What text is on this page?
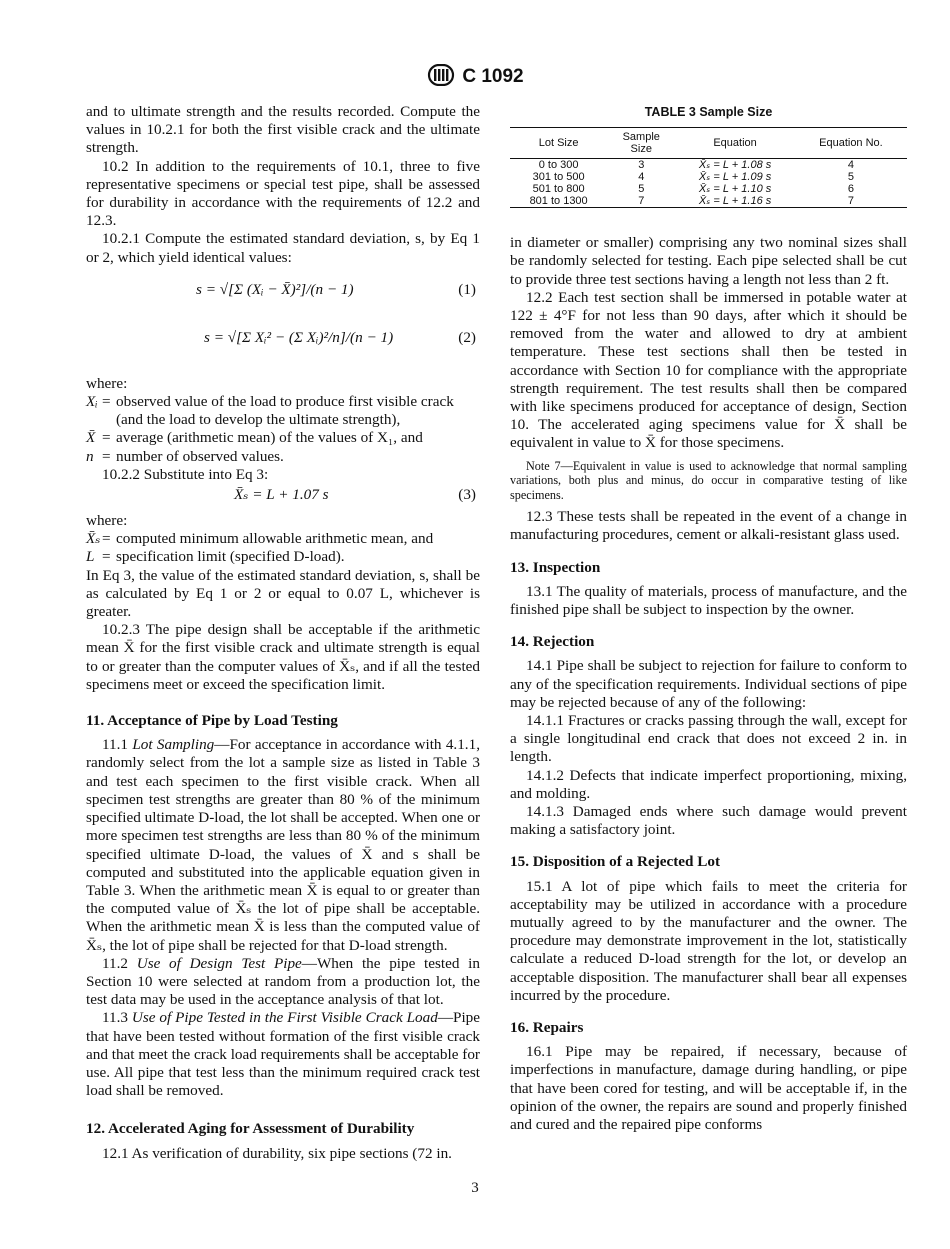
C 1092

and to ultimate strength and the results recorded. Compute the values in 10.2.1 for both the first visible crack and the ultimate strength.

10.2 In addition to the requirements of 10.1, three to five representative specimens or special test pipe, shall be assessed for durability in accordance with the requirements of 12.2 and 12.3.

10.2.1 Compute the estimated standard deviation, s, by Eq 1 or 2, which yield identical values:

s = √[Σ (Xᵢ − X̄)²]/(n − 1)	(1)
s = √[Σ Xᵢ² − (Σ Xᵢ)²/n]/(n − 1)	(2)

where:

Xᵢ = observed value of the load to produce first visible crack (and the load to develop the ultimate strength),
X̄ = average (arithmetic mean) of the values of X₁, and
n = number of observed values.

10.2.2 Substitute into Eq 3:

X̄ₛ = L + 1.07 s	(3)

where:

X̄ₛ = computed minimum allowable arithmetic mean, and
L = specification limit (specified D-load).

In Eq 3, the value of the estimated standard deviation, s, shall be as calculated by Eq 1 or 2 or equal to 0.07 L, whichever is greater.

10.2.3 The pipe design shall be acceptable if the arithmetic mean X̄ for the first visible crack and ultimate strength is equal to or greater than the computer values of X̄ₛ, and if all the tested specimens meet or exceed the specification limit.

11. Acceptance of Pipe by Load Testing

11.1 Lot Sampling—For acceptance in accordance with 4.1.1, randomly select from the lot a sample size as listed in Table 3 and test each specimen to the first visible crack. When all specimen test strengths are greater than 80 % of the minimum specified ultimate D-load, the lot shall be accepted. When one or more specimen test strengths are less than 80 % of the minimum specified ultimate D-load, the values of X̄ and s shall be computed and substituted into the applicable equation given in Table 3. When the arithmetic mean X̄ is equal to or greater than the computed value of X̄ₛ the lot of pipe shall be acceptable. When the arithmetic mean X̄ is less than the computed value of X̄ₛ, the lot of pipe shall be rejected for that D-load strength.

11.2 Use of Design Test Pipe—When the pipe tested in Section 10 were selected at random from a production lot, the test data may be used in the acceptance analysis of that lot.

11.3 Use of Pipe Tested in the First Visible Crack Load—Pipe that have been tested without formation of the first visible crack and that meet the crack load requirements shall be acceptable for use. All pipe that test less than the minimum required crack test load shall be removed.

12. Accelerated Aging for Assessment of Durability

12.1 As verification of durability, six pipe sections (72 in.

TABLE 3 Sample Size
Lot Size	Sample Size	Equation	Equation No.
0 to 300	3	X̄ₛ = L + 1.08 s	4
301 to 500	4	X̄ₛ = L + 1.09 s	5
501 to 800	5	X̄ₛ = L + 1.10 s	6
801 to 1300	7	X̄ₛ = L + 1.16 s	7

in diameter or smaller) comprising any two nominal sizes shall be randomly selected for testing. Each pipe selected shall be cut to provide three test sections having a length not less than 2 ft.

12.2 Each test section shall be immersed in potable water at 122 ± 4°F for not less than 90 days, after which it should be removed from the water and allowed to dry at ambient temperature. These test sections shall then be tested in accordance with Section 10 for compliance with the appropriate strength requirement. The test results shall then be compared with like specimens produced for acceptance of design, Section 10. The accelerated aging specimens value for X̄ shall be equivalent in value to X̄ for those specimens.

Note 7—Equivalent in value is used to acknowledge that normal sampling variations, both plus and minus, do occur in comparative testing of like specimens.

12.3 These tests shall be repeated in the event of a change in manufacturing procedures, cement or alkali-resistant glass used.

13. Inspection

13.1 The quality of materials, process of manufacture, and the finished pipe shall be subject to inspection by the owner.

14. Rejection

14.1 Pipe shall be subject to rejection for failure to conform to any of the specification requirements. Individual sections of pipe may be rejected because of any of the following:

14.1.1 Fractures or cracks passing through the wall, except for a single longitudinal end crack that does not exceed 2 in. in length.

14.1.2 Defects that indicate imperfect proportioning, mixing, and molding.

14.1.3 Damaged ends where such damage would prevent making a satisfactory joint.

15. Disposition of a Rejected Lot

15.1 A lot of pipe which fails to meet the criteria for acceptability may be utilized in accordance with a procedure mutually agreed to by the manufacturer and the owner. The procedure may demonstrate improvement in the lot, statistically calculate a reduced D-load strength for the lot, or develop an acceptable disposition. The manufacturer shall bear all expenses incurred by the procedure.

16. Repairs

16.1 Pipe may be repaired, if necessary, because of imperfections in manufacture, damage during handling, or pipe that have been cored for testing, and will be acceptable if, in the opinion of the owner, the repairs are sound and properly finished and cured and the repaired pipe conforms

3
